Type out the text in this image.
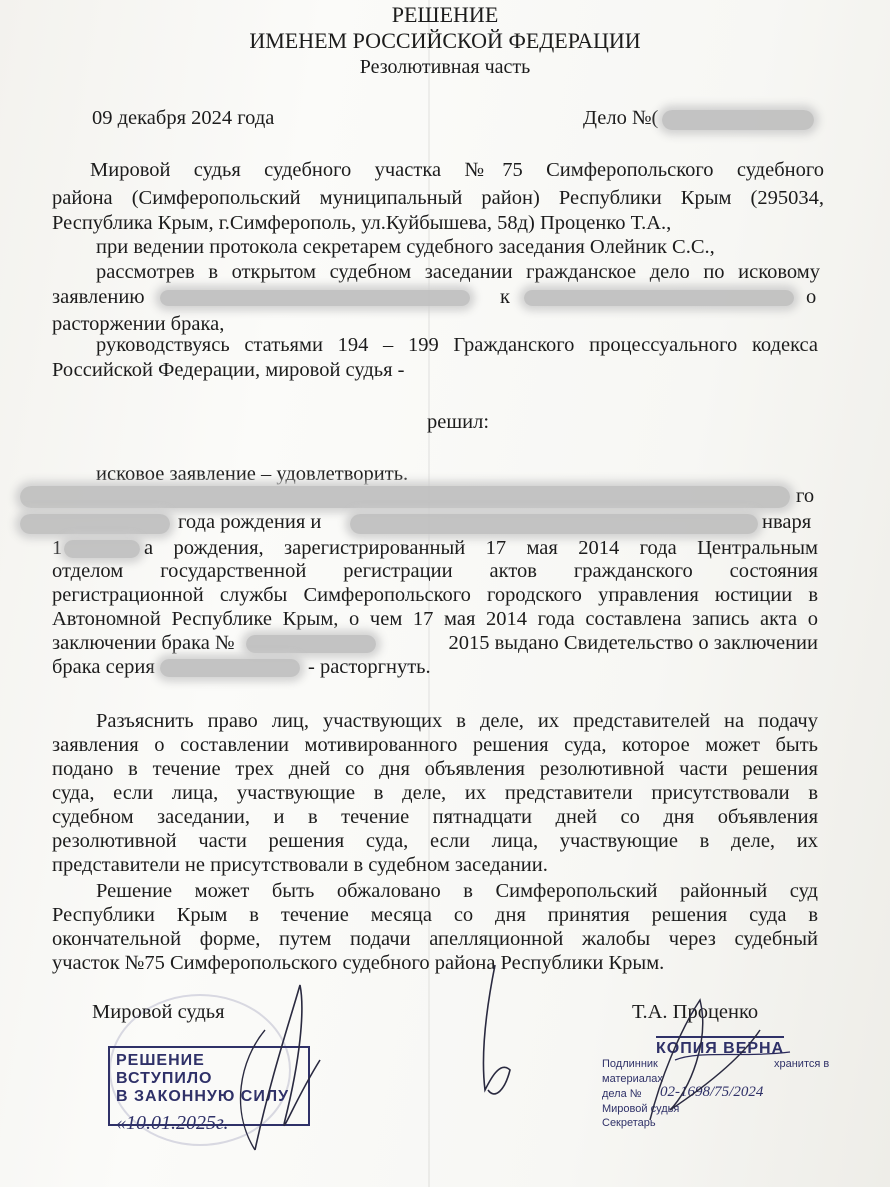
РЕШЕНИЕ
ИМЕНЕМ РОССИЙСКОЙ ФЕДЕРАЦИИ
Резолютивная часть
09 декабря 2024 года	Дело №(
Мировой судья судебного участка №75 Симферопольского судебного
района (Симферопольский муниципальный район) Республики Крым (295034,
Республика Крым, г.Симферополь, ул.Куйбышева, 58д) Проценко Т.А.,
при ведении протокола секретарем судебного заседания Олейник С.С.,
рассмотрев в открытом судебном заседании гражданское дело по исковому
заявлению	к	о
расторжении брака,
руководствуясь статьями 194 – 199 Гражданского процессуального кодекса
Российской Федерации, мировой судья -
решил:
исковое заявление – удовлетворить.
го
года рождения и	нваря
1	а рождения, зарегистрированный 17 мая 2014 года Центральным
отделом государственной регистрации актов гражданского состояния
регистрационной службы Симферопольского городского управления юстиции в
Автономной Республике Крым, о чем 17 мая 2014 года составлена запись акта о
заключении брака №	2015 выдано Свидетельство о заключении
брака серия	- расторгнуть.
Разъяснить право лиц, участвующих в деле, их представителей на подачу
заявления о составлении мотивированного решения суда, которое может быть
подано в течение трех дней со дня объявления резолютивной части решения
суда, если лица, участвующие в деле, их представители присутствовали в
судебном заседании, и в течение пятнадцати дней со дня объявления
резолютивной части решения суда, если лица, участвующие в деле, их
представители не присутствовали в судебном заседании.
Решение может быть обжаловано в Симферопольский районный суд
Республики Крым в течение месяца со дня принятия решения суда в
окончательной форме, путем подачи апелляционной жалобы через судебный
участок №75 Симферопольского судебного района Республики Крым.
Мировой судья	Т.А. Проценко
РЕШЕНИЕ ВСТУПИЛО
В ЗАКОННУЮ СИЛУ
«10.01.2025г.
КОПИЯ ВЕРНА
Подлинник	хранится в
материалах
дела № 02-1698/75/2024
Мировой судья
Секретарь
